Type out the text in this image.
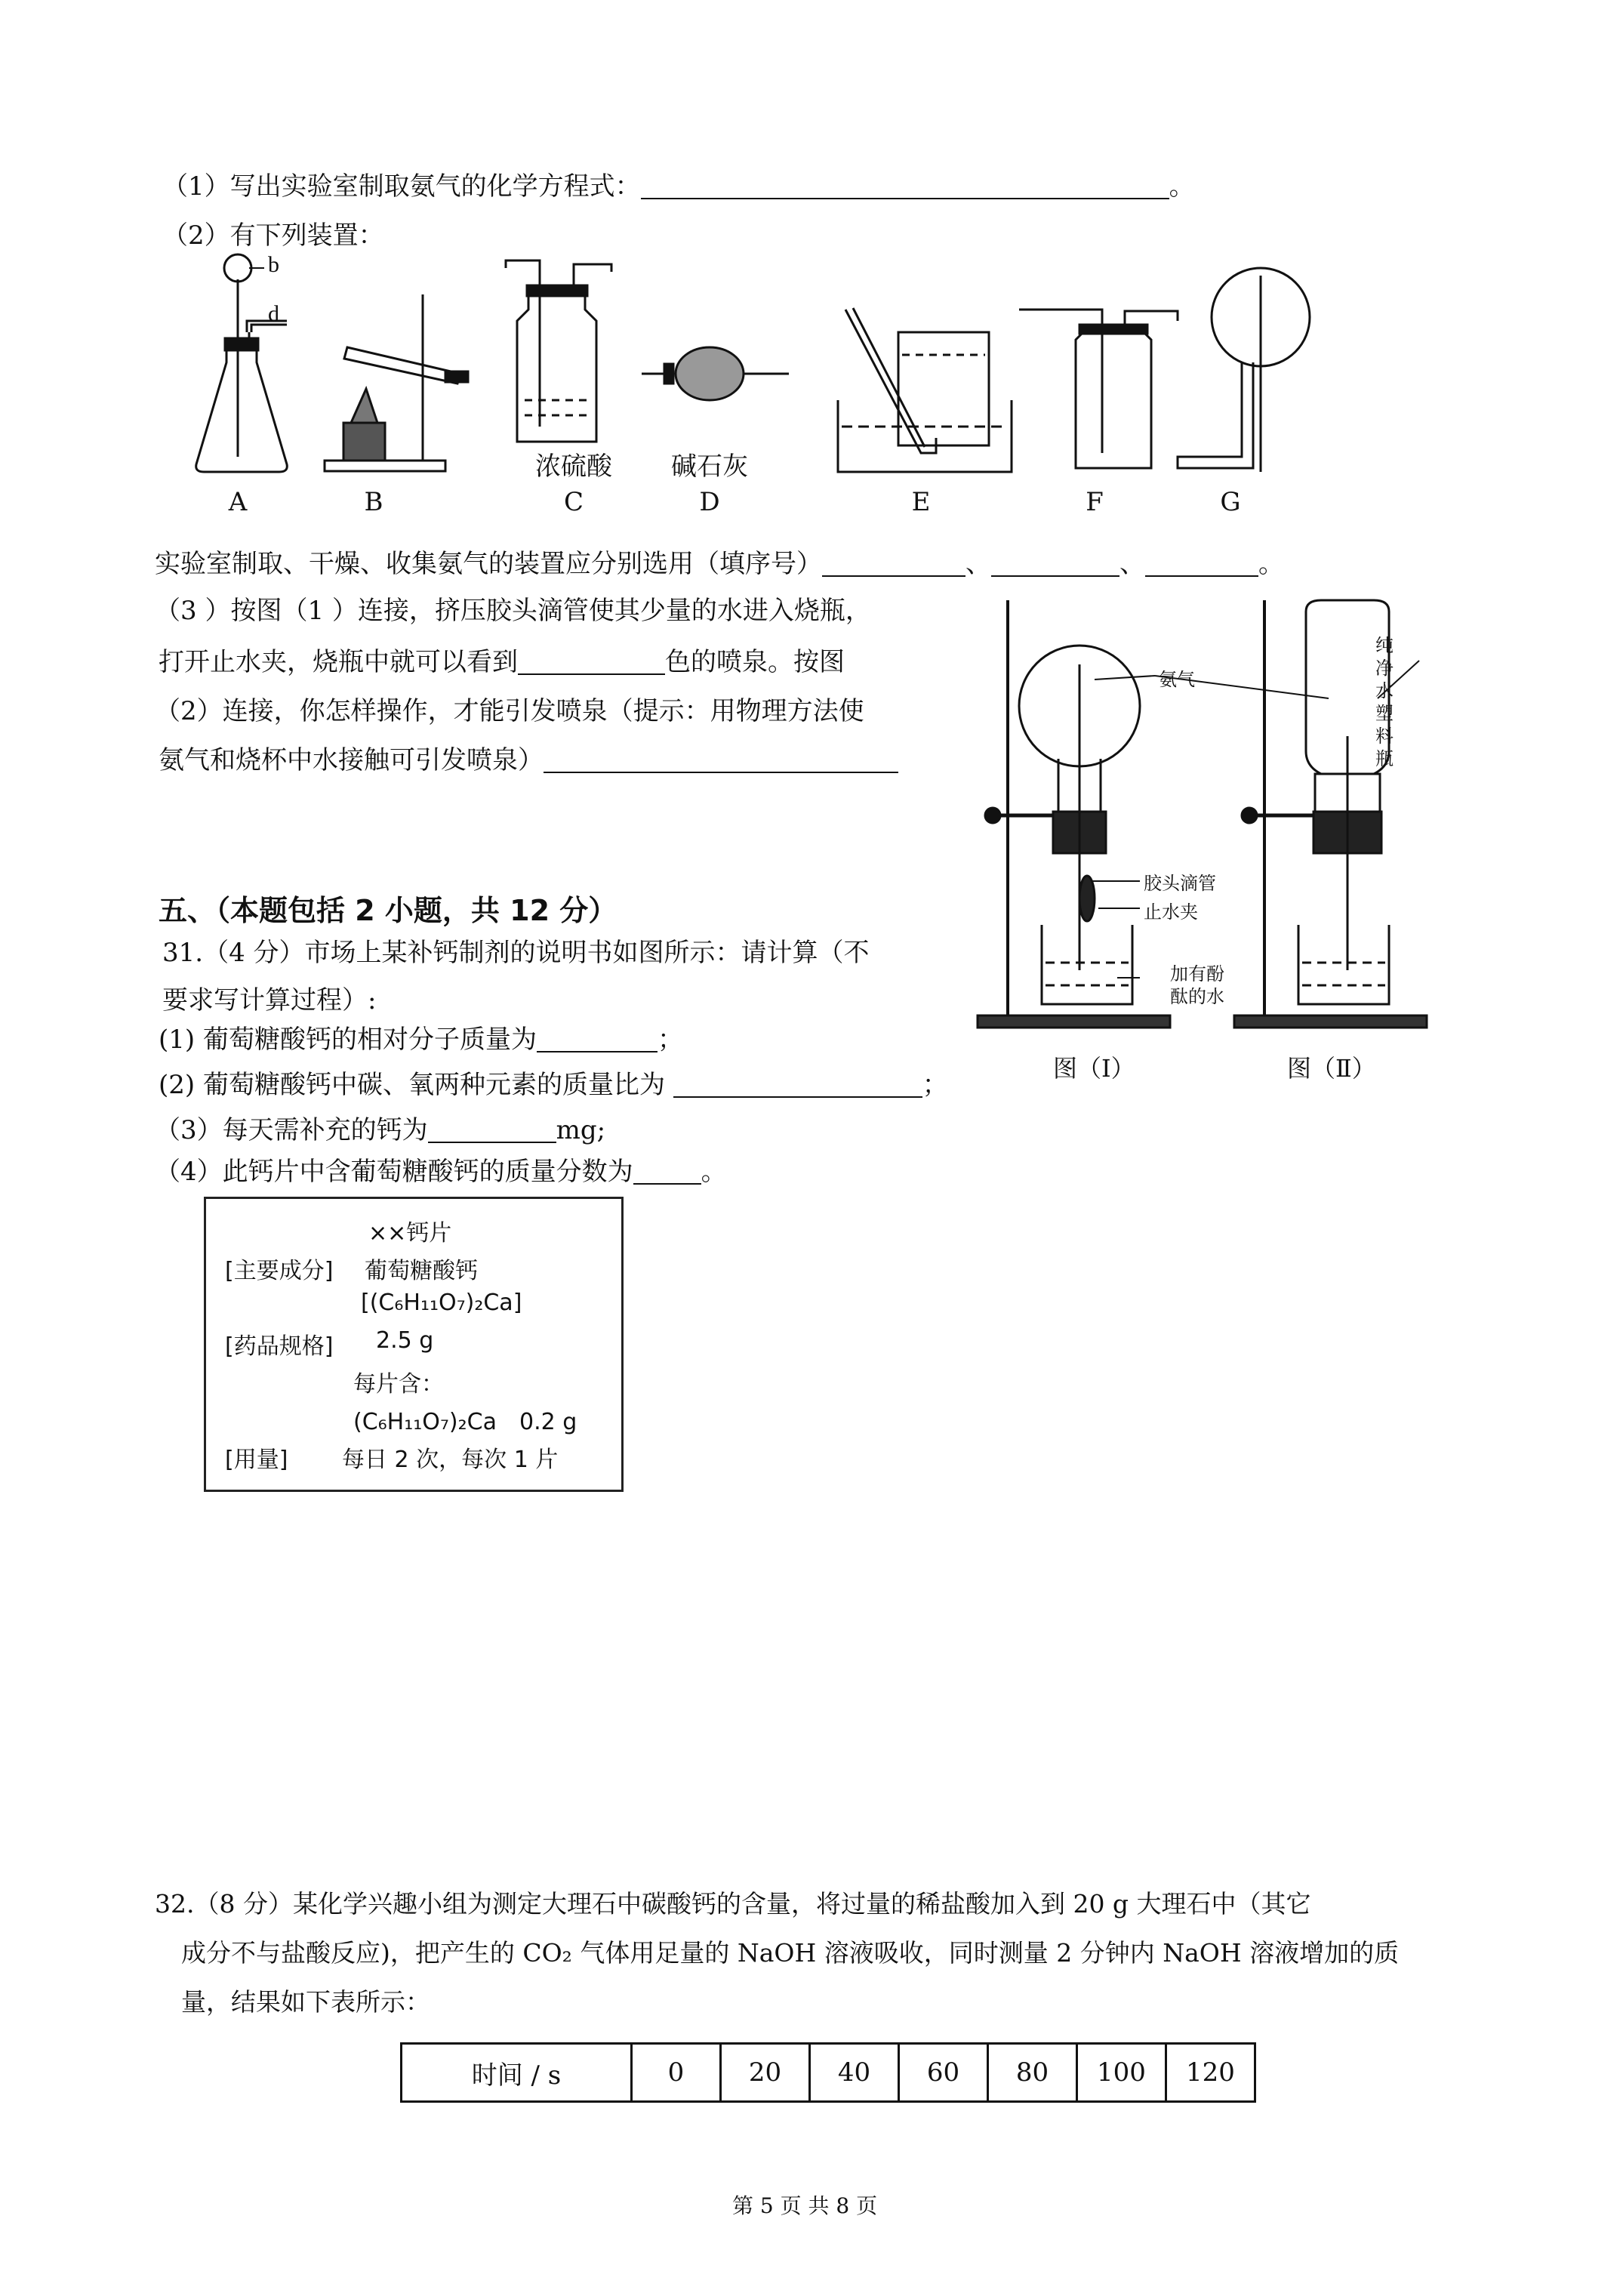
（1）写出实验室制取氨气的化学方程式：	。
（2）有下列装置：
b
d
浓硫酸	碱石灰
A	B	C	D	E	F	G
实验室制取、干燥、收集氨气的装置应分别选用（填序号）	、	、	。
（3 ）按图（1 ）连接，挤压胶头滴管使其少量的水进入烧瓶，
打开止水夹，烧瓶中就可以看到	色的喷泉。按图
（2）连接，你怎样操作，才能引发喷泉（提示：用物理方法使
氨气和烧杯中水接触可引发喷泉）
氨气
纯
净
水
塑
料
瓶
胶头滴管
止水夹
加有酚
酞的水
图（Ⅰ）	图（Ⅱ）
五、（本题包括 2 小题，共 12 分）
31.（4 分）市场上某补钙制剂的说明书如图所示：请计算（不
要求写计算过程）:
(1) 葡萄糖酸钙的相对分子质量为	；
(2) 葡萄糖酸钙中碳、氧两种元素的质量比为	；
（3）每天需补充的钙为	mg;
（4）此钙片中含葡萄糖酸钙的质量分数为	。
××钙片
[主要成分] 葡萄糖酸钙
[(C₆H₁₁O₇)₂Ca]
[药品规格] 2.5 g
每片含：
(C₆H₁₁O₇)₂Ca　0.2 g
[用量] 每日 2 次，每次 1 片
32.（8 分）某化学兴趣小组为测定大理石中碳酸钙的含量，将过量的稀盐酸加入到 20 g 大理石中（其它
成分不与盐酸反应)，把产生的 CO₂ 气体用足量的 NaOH 溶液吸收，同时测量 2 分钟内 NaOH 溶液增加的质
量，结果如下表所示：
时间 / s	0	20	40	60	80	100	120
第 5 页 共 8 页
